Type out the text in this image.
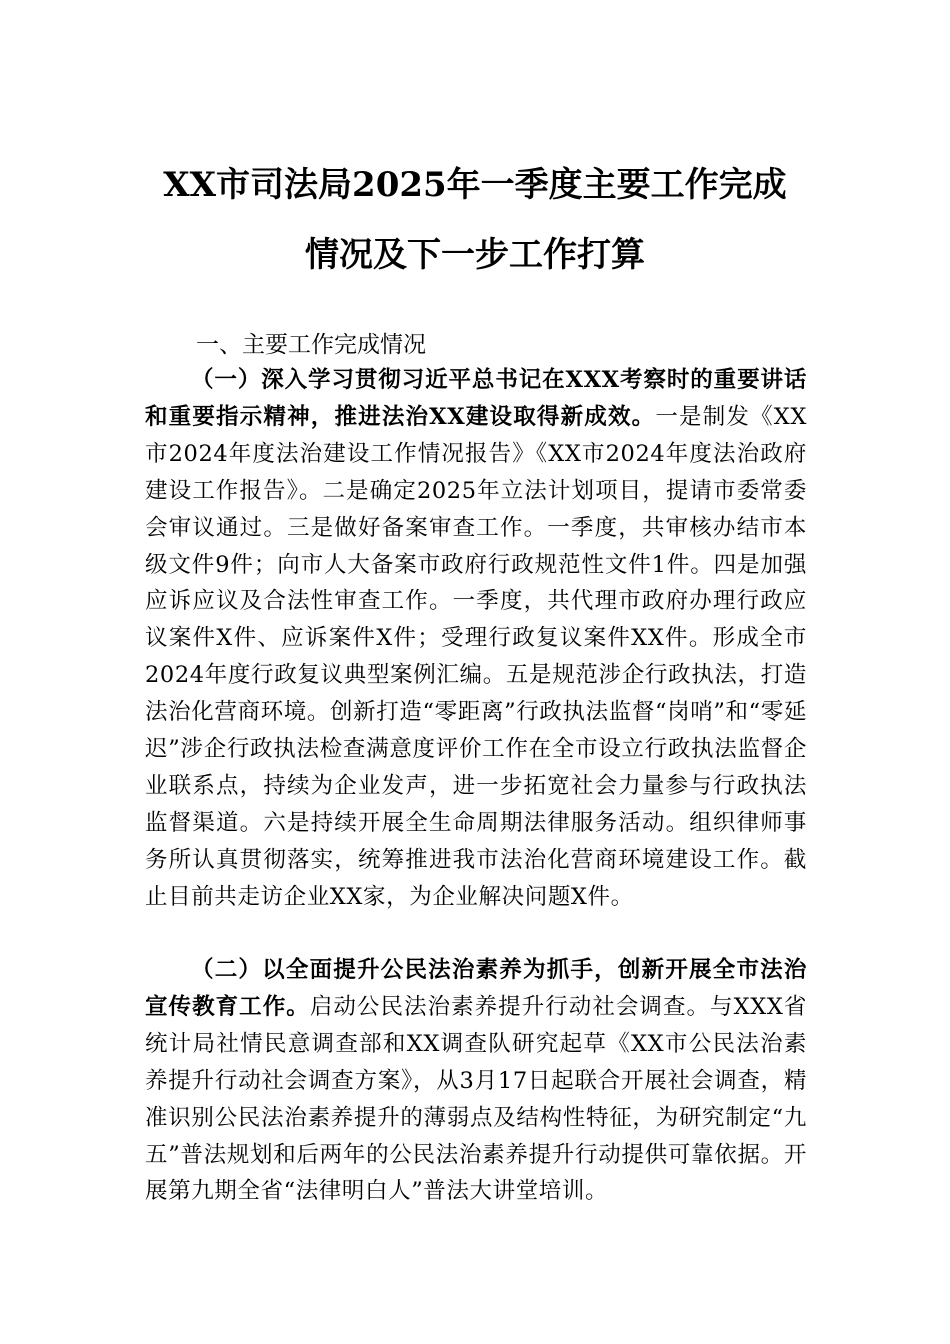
XX市司法局2025年一季度主要工作完成
情况及下一步工作打算
一、主要工作完成情况
（一）深入学习贯彻习近平总书记在XXX考察时的重要讲话和重要指示精神，推进法治XX建设取得新成效。一是制发《XX市2024年度法治建设工作情况报告》《XX市2024年度法治政府建设工作报告》。二是确定2025年立法计划项目，提请市委常委会审议通过。三是做好备案审查工作。一季度，共审核办结市本级文件9件；向市人大备案市政府行政规范性文件1件。四是加强应诉应议及合法性审查工作。一季度，共代理市政府办理行政应议案件X件、应诉案件X件；受理行政复议案件XX件。形成全市2024年度行政复议典型案例汇编。五是规范涉企行政执法，打造法治化营商环境。创新打造“零距离”行政执法监督“岗哨”和“零延迟”涉企行政执法检查满意度评价工作在全市设立行政执法监督企业联系点，持续为企业发声，进一步拓宽社会力量参与行政执法监督渠道。六是持续开展全生命周期法律服务活动。组织律师事务所认真贯彻落实，统筹推进我市法治化营商环境建设工作。截止目前共走访企业XX家，为企业解决问题X件。
（二）以全面提升公民法治素养为抓手，创新开展全市法治宣传教育工作。启动公民法治素养提升行动社会调查。与XXX省统计局社情民意调查部和XX调查队研究起草《XX市公民法治素养提升行动社会调查方案》，从3月17日起联合开展社会调查，精准识别公民法治素养提升的薄弱点及结构性特征，为研究制定“九五”普法规划和后两年的公民法治素养提升行动提供可靠依据。开展第九期全省“法律明白人”普法大讲堂培训。
